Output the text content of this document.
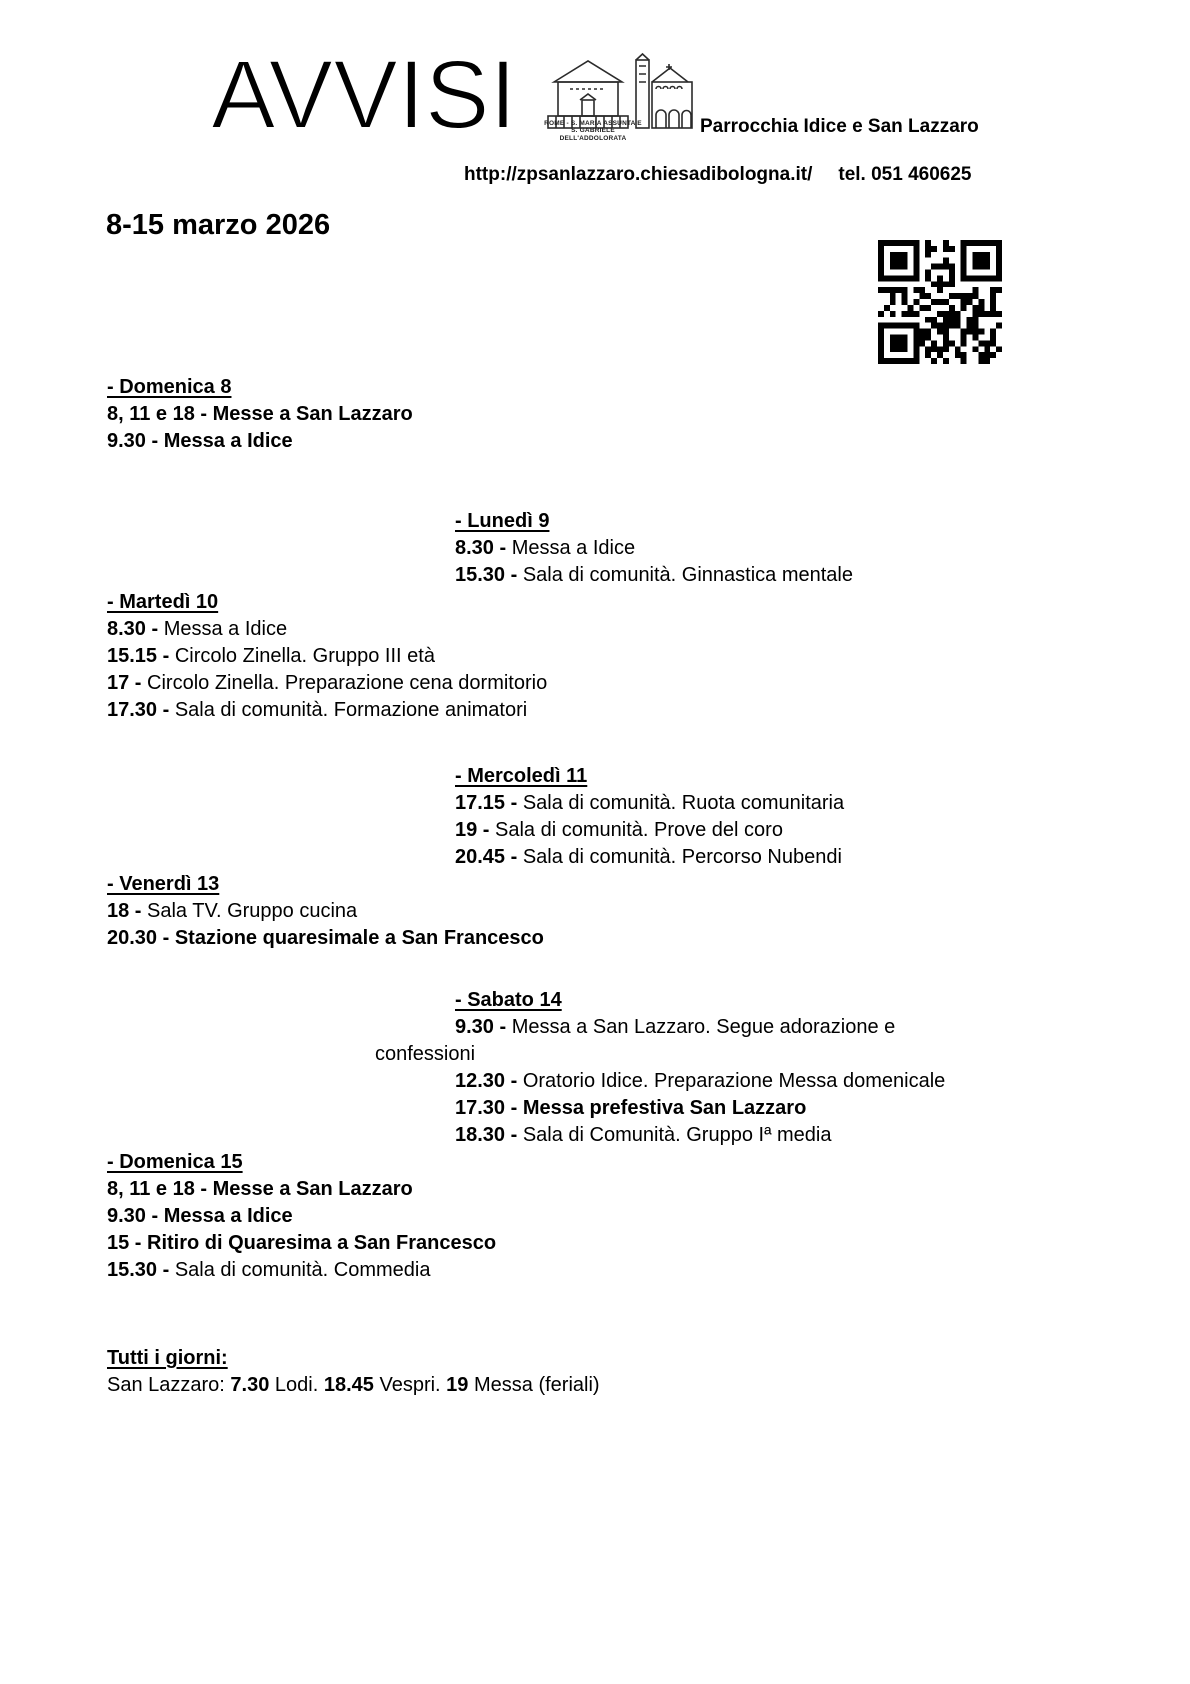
AVVISI	ROME - S. MARIA ASSUNTA E
S. GABRIELE DELL'ADDOLORATA
Parrocchia Idice e San Lazzaro
http://zpsanlazzaro.chiesadibologna.it/ tel. 051 460625
8-15 marzo 2026
- Domenica 8
8, 11 e 18 - Messe a San Lazzaro
9.30 - Messa a Idice
- Lunedì 9
8.30 - Messa a Idice
15.30 - Sala di comunità. Ginnastica mentale
- Martedì 10
8.30 - Messa a Idice
15.15 - Circolo Zinella. Gruppo III età
17 - Circolo Zinella. Preparazione cena dormitorio
17.30 - Sala di comunità. Formazione animatori
- Mercoledì 11
17.15 - Sala di comunità. Ruota comunitaria
19 - Sala di comunità. Prove del coro
20.45 - Sala di comunità. Percorso Nubendi
- Venerdì 13
18 - Sala TV. Gruppo cucina
20.30 - Stazione quaresimale a San Francesco
- Sabato 14
9.30 - Messa a San Lazzaro. Segue adorazione e
confessioni
12.30 - Oratorio Idice. Preparazione Messa domenicale
17.30 - Messa prefestiva San Lazzaro
18.30 - Sala di Comunità. Gruppo Iª media
- Domenica 15
8, 11 e 18 - Messe a San Lazzaro
9.30 - Messa a Idice
15 - Ritiro di Quaresima a San Francesco
15.30 - Sala di comunità. Commedia
Tutti i giorni:
San Lazzaro: 7.30 Lodi. 18.45 Vespri. 19 Messa (feriali)
